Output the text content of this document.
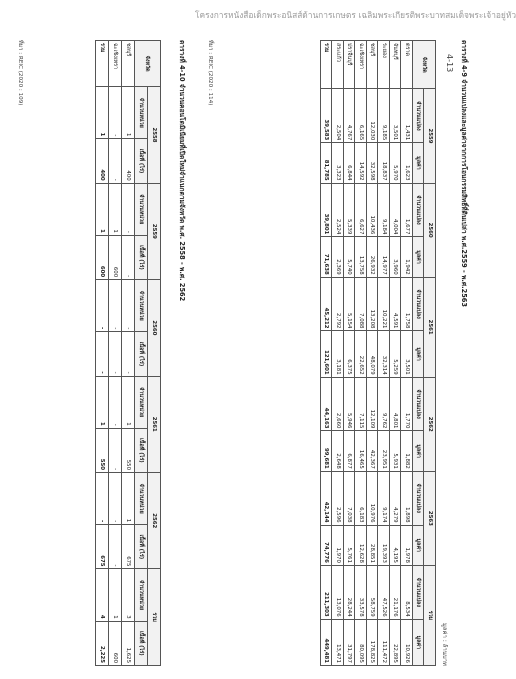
โครงการหนังสือเด็กพระอนิสส์ด้านการเกษตร เฉลิมพระเกียรติพระบาทสมเด็จพระเจ้าอยู่หัว
4-13 ตารางที่ 4-9 จำนวนแปลงและมูลค่าจากการโอนกรรมสิทธิ์ที่ดินเปล่า พ.ศ.2559 - พ.ศ.2563
มูลค่า : ล้านบาท
จังหวัด	2559		2560		2561		2562		2563		รวม	
	จำนวนแปลง	มูลค่า	จำนวนแปลง	มูลค่า	จำนวนแปลง	มูลค่า	จำนวนแปลง	มูลค่า	จำนวนแปลง	มูลค่า	จำนวนแปลง	มูลค่า
ตราด	1,431	1,623	1,677	1,942	1,758	3,501	1,770	1,882	1,898	1,978	8,534	10,926
จันทบุรี	3,501	5,970	4,004	3,960	4,591	5,259	4,801	5,931	4,279	4,195	21,176	22,895
ระยอง	9,185	18,837	9,184	14,977	10,221	32,314	9,762	23,951	9,174	19,393	47,526	111,472
ชลบุรี	12,030	32,598	10,436	26,932	13,208	48,079	12,109	42,367	10,976	28,851	58,759	178,825
ฉะเชิงเทรา	6,165	14,592	6,627	13,758	7,088	22,652	7,115	16,465	6,183	12,628	33,578	80,095
ปราจีนบุรี	4,767	6,844	5,339	5,740	5,154	6,375	5,946	6,877	7,038	5,761	28,244	31,797
สระแก้ว	2,504	3,323	2,524	2,369	2,792	3,181	2,660	2,648	2,596	1,970	13,076	13,471
รวม	39,583	81,785	39,801	71,638	45,212	121,601	44,163	99,681	42,144	74,776	211,303	449,481
ที่มา : REIC (2020 : 114)
ตารางที่ 4-10 จำนวนคอนโดมิเนียมที่เปิดใหม่จำแนกตามจังหวัด พ.ศ. 2558 - พ.ศ. 2562
จังหวัด	2558		2559		2560		2561		2562		รวม	
	จำนวนหน่วย	เนื้อที่ (ไร่)	จำนวนหน่วย	เนื้อที่ (ไร่)	จำนวนหน่วย	เนื้อที่ (ไร่)	จำนวนหน่วย	เนื้อที่ (ไร่)	จำนวนหน่วย	เนื้อที่ (ไร่)	จำนวนหน่วย	เนื้อที่ (ไร่)
ชลบุรี	1	400	-	-	-	-	1	550	1	675	3	1,625
ฉะเชิงเทรา	-	-	1	600	-	-	-	-	-	-	1	600
รวม	1	400	1	600	-	-	1	550	-	675	4	2,225
ที่มา : REIC (2020 : 109)
